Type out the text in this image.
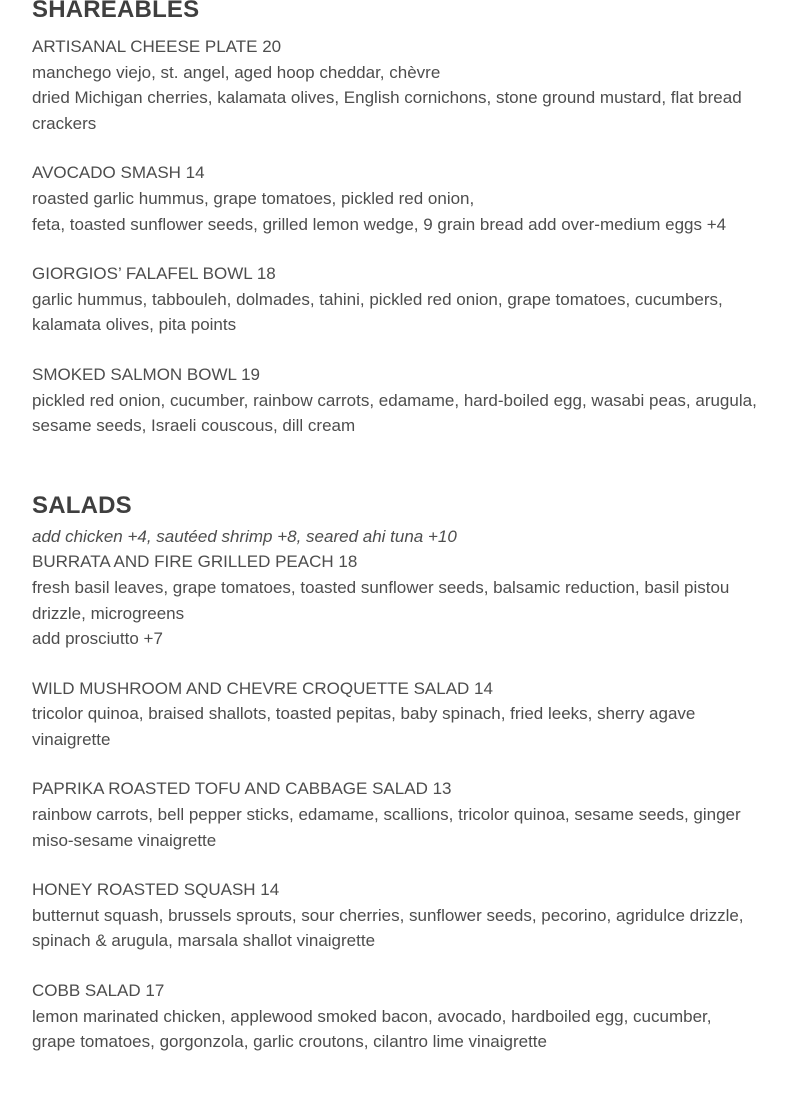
SHAREABLES
ARTISANAL CHEESE PLATE 20
manchego viejo, st. angel, aged hoop cheddar, chèvre
dried Michigan cherries, kalamata olives, English cornichons, stone ground mustard, flat bread crackers
AVOCADO SMASH 14
roasted garlic hummus, grape tomatoes, pickled red onion,
feta, toasted sunflower seeds, grilled lemon wedge, 9 grain bread add over-medium eggs +4
GIORGIOS’ FALAFEL BOWL 18
garlic hummus, tabbouleh, dolmades, tahini, pickled red onion, grape tomatoes, cucumbers, kalamata olives, pita points
SMOKED SALMON BOWL 19
pickled red onion, cucumber, rainbow carrots, edamame, hard-boiled egg, wasabi peas, arugula, sesame seeds, Israeli couscous, dill cream
SALADS
add chicken +4, sautéed shrimp +8, seared ahi tuna +10
BURRATA AND FIRE GRILLED PEACH 18
fresh basil leaves, grape tomatoes, toasted sunflower seeds, balsamic reduction, basil pistou drizzle, microgreens
add prosciutto +7
WILD MUSHROOM AND CHEVRE CROQUETTE SALAD 14
tricolor quinoa, braised shallots, toasted pepitas, baby spinach, fried leeks, sherry agave vinaigrette
PAPRIKA ROASTED TOFU AND CABBAGE SALAD 13
rainbow carrots, bell pepper sticks, edamame, scallions, tricolor quinoa, sesame seeds, ginger miso-sesame vinaigrette
HONEY ROASTED SQUASH 14
butternut squash, brussels sprouts, sour cherries, sunflower seeds, pecorino, agridulce drizzle, spinach & arugula, marsala shallot vinaigrette
COBB SALAD 17
lemon marinated chicken, applewood smoked bacon, avocado, hardboiled egg, cucumber, grape tomatoes, gorgonzola, garlic croutons, cilantro lime vinaigrette
